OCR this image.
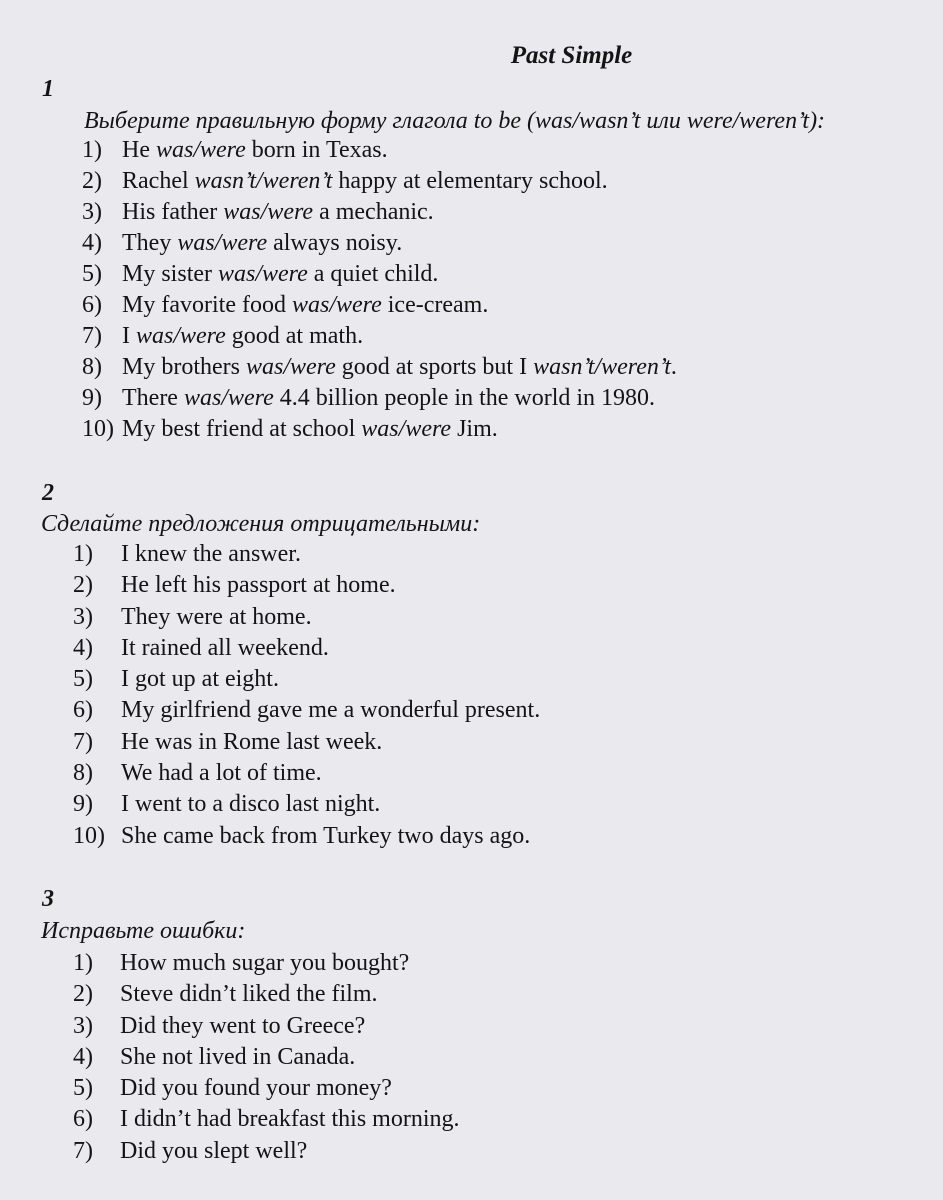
Past Simple
1
Выберите правильную форму глагола to be (was/wasn’t или were/weren’t):
1) He was/were born in Texas.
2) Rachel wasn’t/weren’t happy at elementary school.
3) His father was/were a mechanic.
4) They was/were always noisy.
5) My sister was/were a quiet child.
6) My favorite food was/were ice-cream.
7) I was/were good at math.
8) My brothers was/were good at sports but I wasn’t/weren’t.
9) There was/were 4.4 billion people in the world in 1980.
10) My best friend at school was/were Jim.
2
Сделайте предложения отрицательными:
1)	I knew the answer.
2)	He left his passport at home.
3)	They were at home.
4)	It rained all weekend.
5)	I got up at eight.
6)	My girlfriend gave me a wonderful present.
7)	He was in Rome last week.
8)	We had a lot of time.
9)	I went to a disco last night.
10) She came back from Turkey two days ago.
3
Исправьте ошибки:
1)	How much sugar you bought?
2)	Steve didn’t liked the film.
3)	Did they went to Greece?
4)	She not lived in Canada.
5)	Did you found your money?
6)	I didn’t had breakfast this morning.
7)	Did you slept well?
